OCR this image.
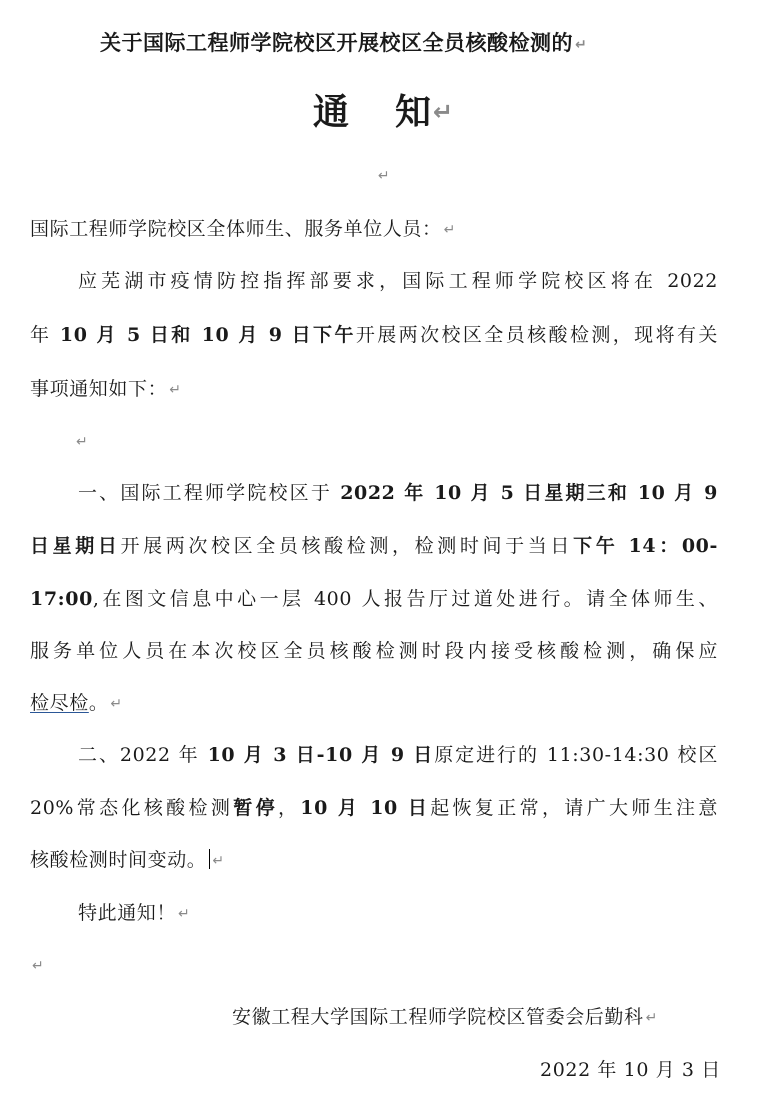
关于国际工程师学院校区开展校区全员核酸检测的 ↵
通 知↵
↵
国际工程师学院校区全体师生、服务单位人员： ↵
应芜湖市疫情防控指挥部要求，国际工程师学院校区将在 2022
年 10 月 5 日和 10 月 9 日下午开展两次校区全员核酸检测，现将有关
事项通知如下： ↵
↵
一、国际工程师学院校区于 2022 年 10 月 5 日星期三和 10 月 9
日星期日开展两次校区全员核酸检测，检测时间于当日下午 14：00-
17:00,在图文信息中心一层 400 人报告厅过道处进行。请全体师生、
服务单位人员在本次校区全员核酸检测时段内接受核酸检测，确保应
检尽检。 ↵
二、2022 年 10 月 3 日-10 月 9 日原定进行的 11:30-14:30 校区
20%常态化核酸检测暂停，10 月 10 日起恢复正常，请广大师生注意
核酸检测时间变动。 ↵
特此通知！ ↵
↵
安徽工程大学国际工程师学院校区管委会后勤科 ↵
2022 年 10 月 3 日
